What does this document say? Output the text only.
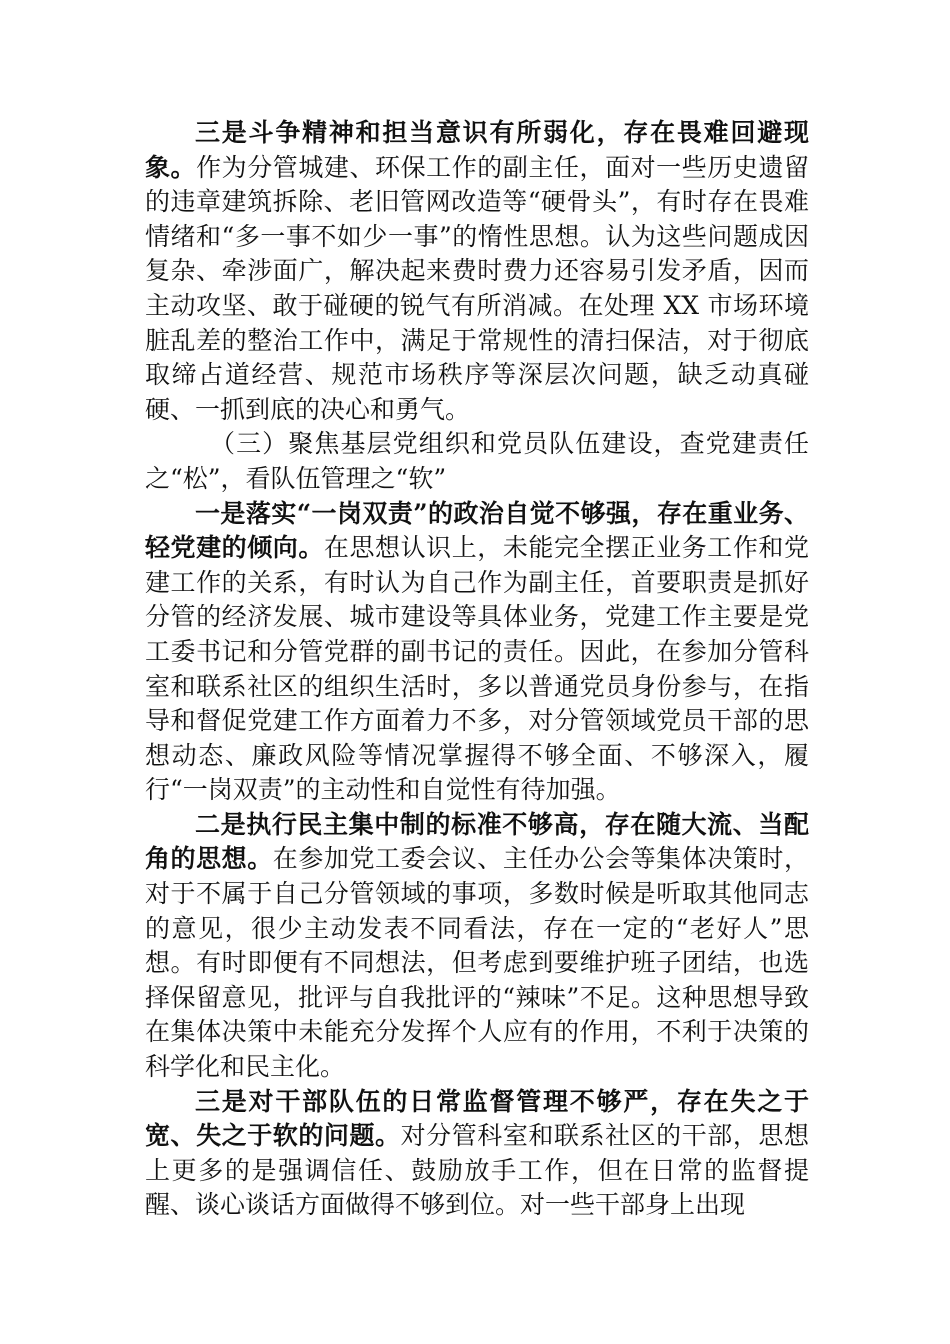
三是斗争精神和担当意识有所弱化，存在畏难回避现象。作为分管城建、环保工作的副主任，面对一些历史遗留的违章建筑拆除、老旧管网改造等“硬骨头”，有时存在畏难情绪和“多一事不如少一事”的惰性思想。认为这些问题成因复杂、牵涉面广，解决起来费时费力还容易引发矛盾，因而主动攻坚、敢于碰硬的锐气有所消减。在处理 XX 市场环境脏乱差的整治工作中，满足于常规性的清扫保洁，对于彻底取缔占道经营、规范市场秩序等深层次问题，缺乏动真碰硬、一抓到底的决心和勇气。

（三）聚焦基层党组织和党员队伍建设，查党建责任之“松”，看队伍管理之“软”

一是落实“一岗双责”的政治自觉不够强，存在重业务、轻党建的倾向。在思想认识上，未能完全摆正业务工作和党建工作的关系，有时认为自己作为副主任，首要职责是抓好分管的经济发展、城市建设等具体业务，党建工作主要是党工委书记和分管党群的副书记的责任。因此，在参加分管科室和联系社区的组织生活时，多以普通党员身份参与，在指导和督促党建工作方面着力不多，对分管领域党员干部的思想动态、廉政风险等情况掌握得不够全面、不够深入，履行“一岗双责”的主动性和自觉性有待加强。

二是执行民主集中制的标准不够高，存在随大流、当配角的思想。在参加党工委会议、主任办公会等集体决策时，对于不属于自己分管领域的事项，多数时候是听取其他同志的意见，很少主动发表不同看法，存在一定的“老好人”思想。有时即便有不同想法，但考虑到要维护班子团结，也选择保留意见，批评与自我批评的“辣味”不足。这种思想导致在集体决策中未能充分发挥个人应有的作用，不利于决策的科学化和民主化。

三是对干部队伍的日常监督管理不够严，存在失之于宽、失之于软的问题。对分管科室和联系社区的干部，思想上更多的是强调信任、鼓励放手工作，但在日常的监督提醒、谈心谈话方面做得不够到位。对一些干部身上出现
